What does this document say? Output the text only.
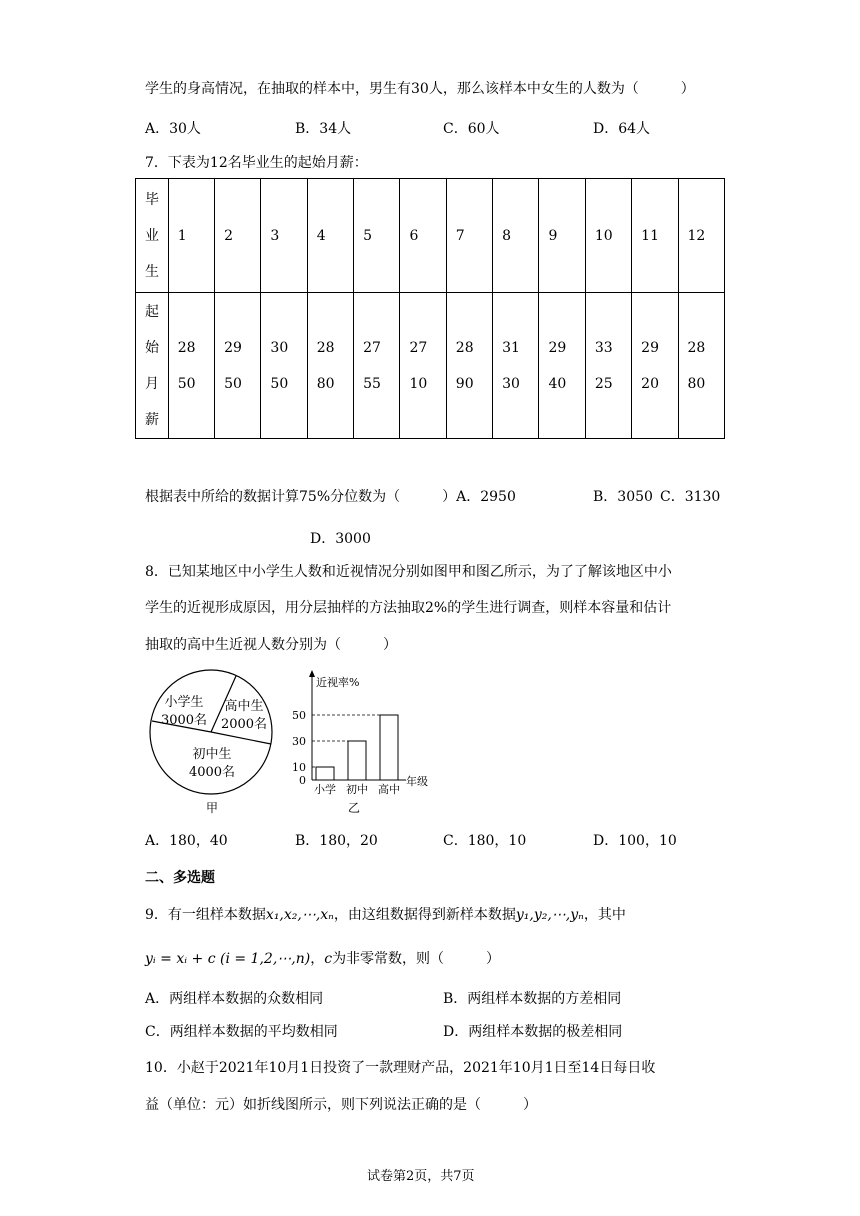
学生的身高情况，在抽取的样本中，男生有30人，那么该样本中女生的人数为（　　　）
A．30人	B．34人	C．60人	D．64人
7．下表为12名毕业生的起始月薪：
毕业生	1	2	3	4	5	6	7	8	9	10	11	12

起始月薪	2850	2950	3050	2880	2755	2710	2890	3130	2940	3325	2920	2880
根据表中所给的数据计算75%分位数为（　　　）A．2950	B．3050 C．3130
D．3000
8．已知某地区中小学生人数和近视情况分别如图甲和图乙所示，为了了解该地区中小
学生的近视形成原因，用分层抽样的方法抽取2%的学生进行调查，则样本容量和估计
抽取的高中生近视人数分别为（　　　）
小学生
3000名
高中生
2000名
初中生
4000名
甲
近视率%
年级
0
10
30
50
小学 初中 高中
乙
A．180，40	B．180，20	C．180，10	D．100，10
二、多选题
9．有一组样本数据x₁,x₂,⋯,xₙ，由这组数据得到新样本数据y₁,y₂,⋯,yₙ，其中
yᵢ = xᵢ + c (i = 1,2,⋯,n)，c为非零常数，则（　　　）
A．两组样本数据的众数相同	B．两组样本数据的方差相同
C．两组样本数据的平均数相同	D．两组样本数据的极差相同
10．小赵于2021年10月1日投资了一款理财产品，2021年10月1日至14日每日收
益（单位：元）如折线图所示，则下列说法正确的是（　　　）
试卷第2页，共7页
